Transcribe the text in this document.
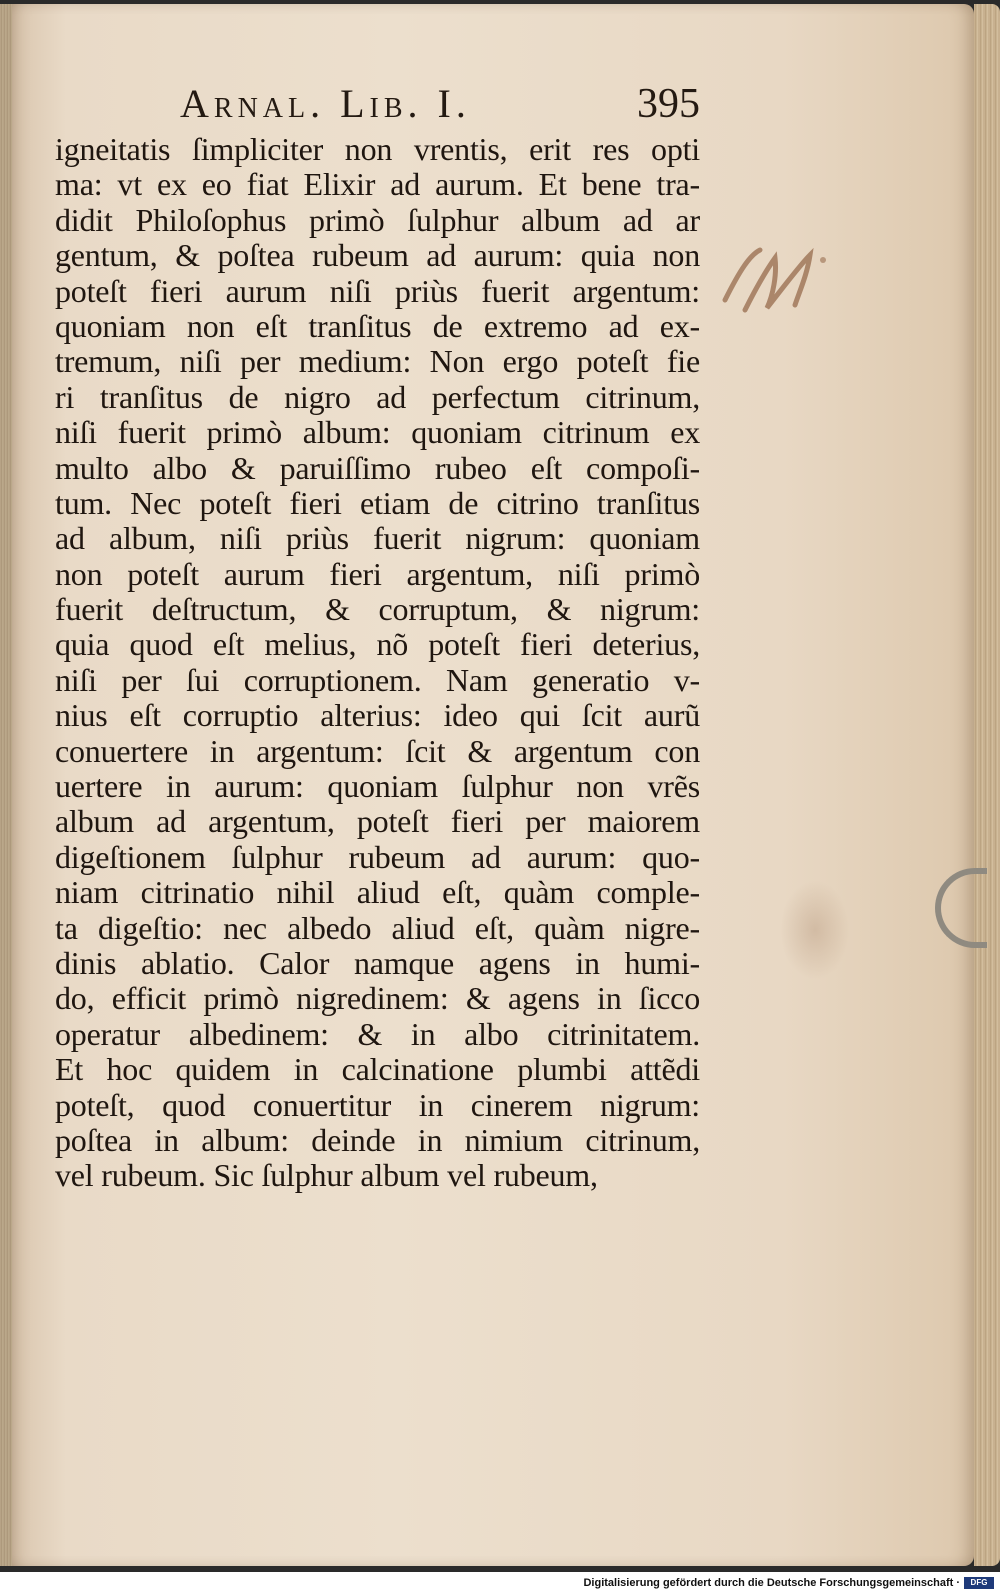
Arnal. Lib. I.	395
igneitatis ſimpliciter non vrentis, erit res opti
ma: vt ex eo fiat Elixir ad aurum. Et bene tra-
didit Philoſophus primò ſulphur album ad ar
gentum, & poſtea rubeum ad aurum: quia non
poteſt fieri aurum niſi priùs fuerit argentum:
quoniam non eſt tranſitus de extremo ad ex-
tremum, niſi per medium: Non ergo poteſt fie
ri tranſitus de nigro ad perfectum citrinum,
niſi fuerit primò album: quoniam citrinum ex
multo albo & paruiſſimo rubeo eſt compoſi-
tum. Nec poteſt fieri etiam de citrino tranſitus
ad album, niſi priùs fuerit nigrum: quoniam
non poteſt aurum fieri argentum, niſi primò
fuerit deſtructum, & corruptum, & nigrum:
quia quod eſt melius, nõ poteſt fieri deterius,
niſi per ſui corruptionem. Nam generatio v-
nius eſt corruptio alterius: ideo qui ſcit aurũ
conuertere in argentum: ſcit & argentum con
uertere in aurum: quoniam ſulphur non vrẽs
album ad argentum, poteſt fieri per maiorem
digeſtionem ſulphur rubeum ad aurum: quo-
niam citrinatio nihil aliud eſt, quàm comple-
ta digeſtio: nec albedo aliud eſt, quàm nigre-
dinis ablatio. Calor namque agens in humi-
do, efficit primò nigredinem: & agens in ſicco
operatur albedinem: & in albo citrinitatem.
Et hoc quidem in calcinatione plumbi attẽdi
poteſt, quod conuertitur in cinerem nigrum:
poſtea in album: deinde in nimium citrinum,
vel rubeum. Sic ſulphur album vel rubeum,
Digitalisierung gefördert durch die Deutsche Forschungsgemeinschaft ·	DFG
